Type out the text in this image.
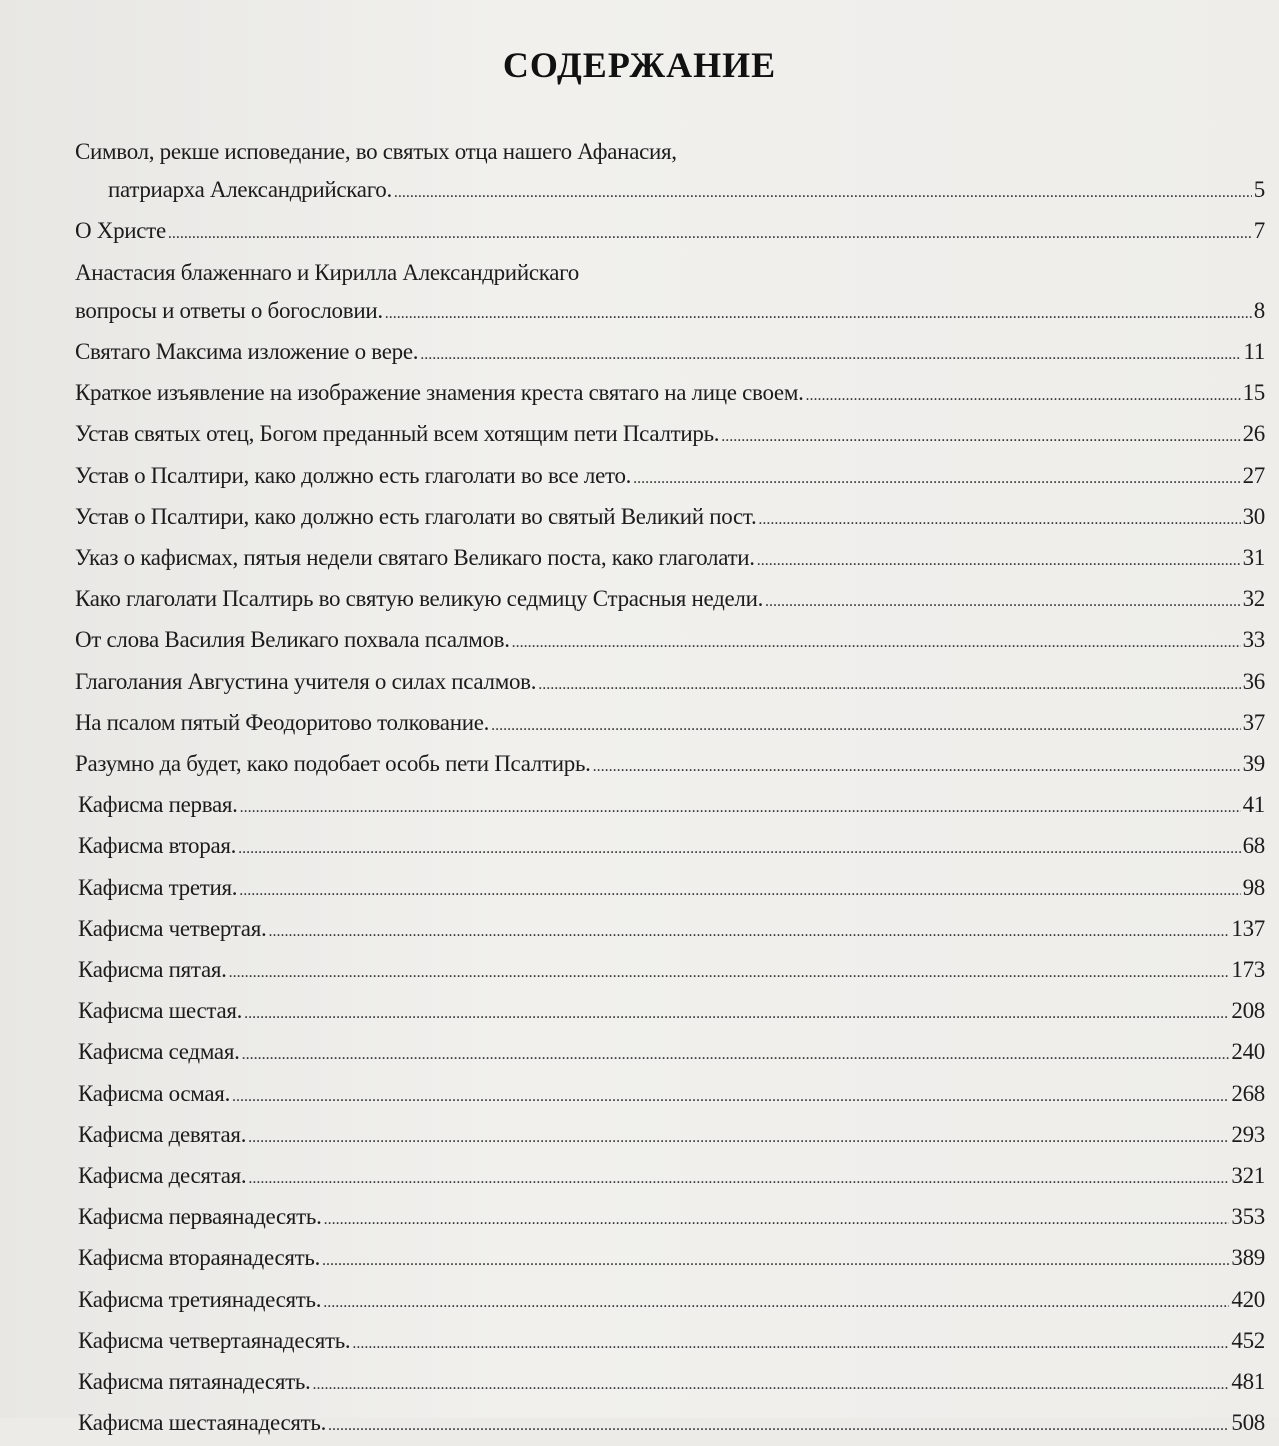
СОДЕРЖАНИЕ
Символ, рекше исповедание, во святых отца нашего Афанасия,
патриарха Александрийскаго. .....	5
О Христе .....	7
Анастасия блаженнаго и Кирилла Александрийскаго
вопросы и ответы о богословии. .....	8
Святаго Максима изложение о вере. .....	11
Краткое изъявление на изображение знамения креста святаго на лице своем. .....	15
Устав святых отец, Богом преданный всем хотящим пети Псалтирь. .....	26
Устав о Псалтири, како должно есть глаголати во все лето. .....	27
Устав о Псалтири, како должно есть глаголати во святый Великий пост. .....	30
Указ о кафисмах, пятыя недели святаго Великаго поста, како глаголати. .....	31
Како глаголати Псалтирь во святую великую седмицу Страсныя недели. .....	32
От слова Василия Великаго похвала псалмов. .....	33
Глаголания Августина учителя о силах псалмов. .....	36
На псалом пятый Феодоритово толкование. .....	37
Разумно да будет, како подобает особь пети Псалтирь. .....	39
Кафисма первая. .....	41
Кафисма вторая. .....	68
Кафисма третия. .....	98
Кафисма четвертая. .....	137
Кафисма пятая. .....	173
Кафисма шестая. .....	208
Кафисма седмая. .....	240
Кафисма осмая. .....	268
Кафисма девятая. .....	293
Кафисма десятая. .....	321
Кафисма перваянадесять. .....	353
Кафисма втораянадесять. .....	389
Кафисма третиянадесять. .....	420
Кафисма четвертаянадесять. .....	452
Кафисма пятаянадесять. .....	481
Кафисма шестаянадесять. .....	508
